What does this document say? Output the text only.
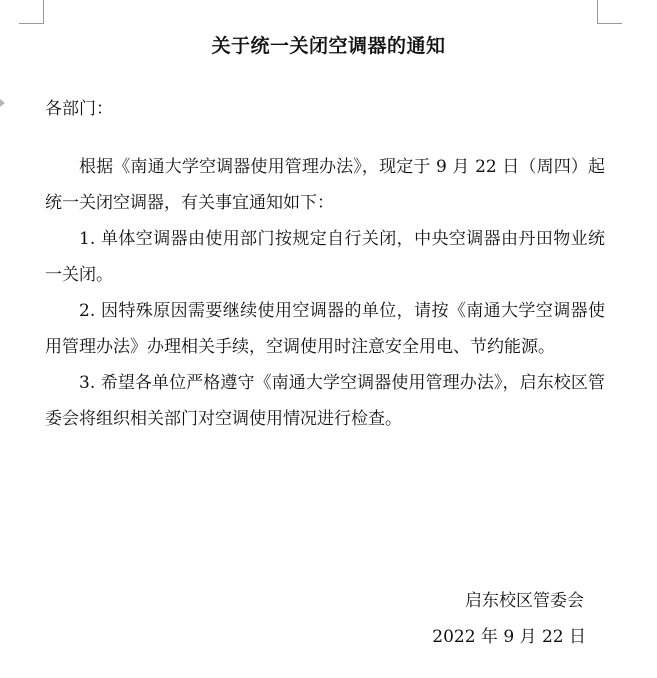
关于统一关闭空调器的通知
各部门：

根据《南通大学空调器使用管理办法》，现定于 9 月 22 日（周四）起统一关闭空调器，有关事宜通知如下：

1. 单体空调器由使用部门按规定自行关闭，中央空调器由丹田物业统一关闭。

2. 因特殊原因需要继续使用空调器的单位，请按《南通大学空调器使用管理办法》办理相关手续，空调使用时注意安全用电、节约能源。

3. 希望各单位严格遵守《南通大学空调器使用管理办法》，启东校区管委会将组织相关部门对空调使用情况进行检查。

启东校区管委会
2022 年 9 月 22 日
